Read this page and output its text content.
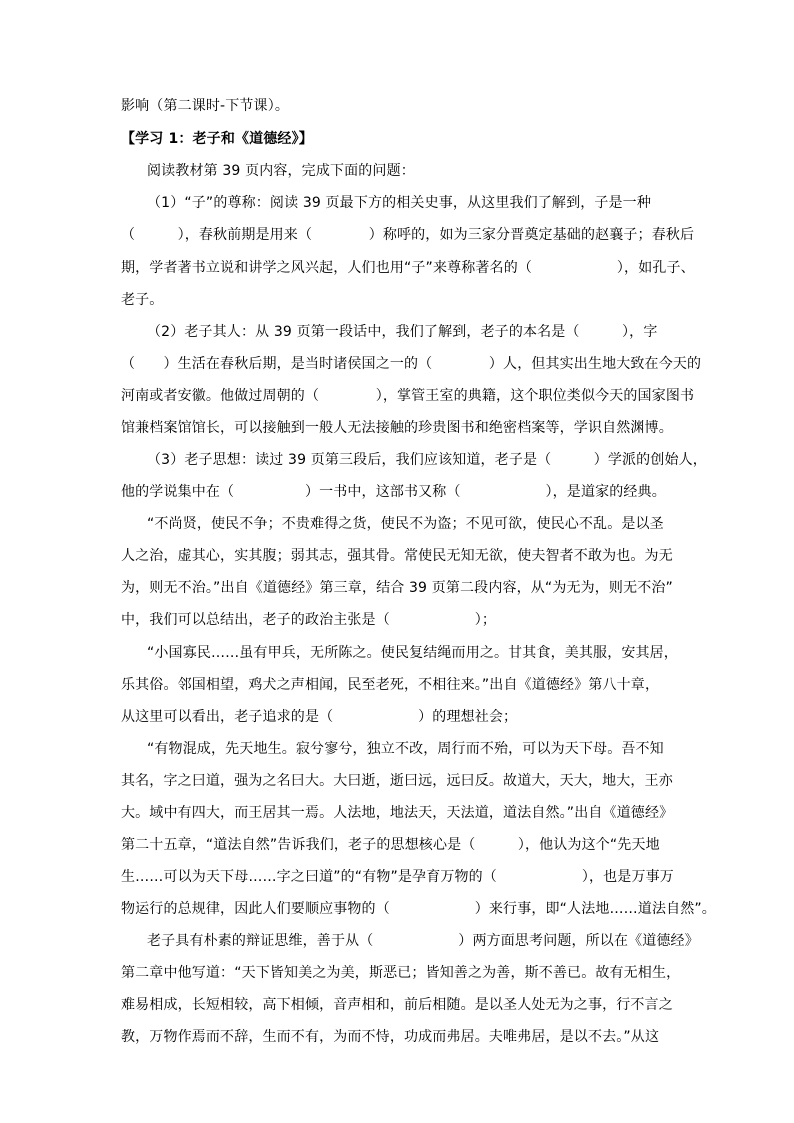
影响（第二课时-下节课）。
【学习 1：老子和《道德经》】
阅读教材第 39 页内容，完成下面的问题：
（1）“子”的尊称：阅读 39 页最下方的相关史事，从这里我们了解到，子是一种
（　　　），春秋前期是用来（　　　　）称呼的，如为三家分晋奠定基础的赵襄子；春秋后
期，学者著书立说和讲学之风兴起，人们也用“子”来尊称著名的（　　　　　　），如孔子、
老子。
（2）老子其人：从 39 页第一段话中，我们了解到，老子的本名是（　　　），字
（　　）生活在春秋后期，是当时诸侯国之一的（　　　　）人，但其实出生地大致在今天的
河南或者安徽。他做过周朝的（　　　　），掌管王室的典籍，这个职位类似今天的国家图书
馆兼档案馆馆长，可以接触到一般人无法接触的珍贵图书和绝密档案等，学识自然渊博。
（3）老子思想：读过 39 页第三段后，我们应该知道，老子是（　　　）学派的创始人，
他的学说集中在（　　　　　）一书中，这部书又称（　　　　　　），是道家的经典。
“不尚贤，使民不争；不贵难得之货，使民不为盗；不见可欲，使民心不乱。是以圣
人之治，虚其心，实其腹；弱其志，强其骨。常使民无知无欲，使夫智者不敢为也。为无
为，则无不治。”出自《道德经》第三章，结合 39 页第二段内容，从“为无为，则无不治”
中，我们可以总结出，老子的政治主张是（　　　　　　）；
“小国寡民……虽有甲兵，无所陈之。使民复结绳而用之。甘其食，美其服，安其居，
乐其俗。邻国相望，鸡犬之声相闻，民至老死，不相往来。”出自《道德经》第八十章，
从这里可以看出，老子追求的是（　　　　　　）的理想社会；
“有物混成，先天地生。寂兮寥兮，独立不改，周行而不殆，可以为天下母。吾不知
其名，字之曰道，强为之名曰大。大曰逝，逝曰远，远曰反。故道大，天大，地大，王亦
大。域中有四大，而王居其一焉。人法地，地法天，天法道，道法自然。”出自《道德经》
第二十五章，“道法自然”告诉我们，老子的思想核心是（　　　），他认为这个“先天地
生……可以为天下母……字之曰道”的“有物”是孕育万物的（　　　　　　），也是万事万
物运行的总规律，因此人们要顺应事物的（　　　　　　）来行事，即“人法地……道法自然”。
老子具有朴素的辩证思维，善于从（　　　　　　）两方面思考问题，所以在《道德经》
第二章中他写道：“天下皆知美之为美，斯恶已；皆知善之为善，斯不善已。故有无相生，
难易相成，长短相较，高下相倾，音声相和，前后相随。是以圣人处无为之事，行不言之
教，万物作焉而不辞，生而不有，为而不恃，功成而弗居。夫唯弗居，是以不去。”从这
